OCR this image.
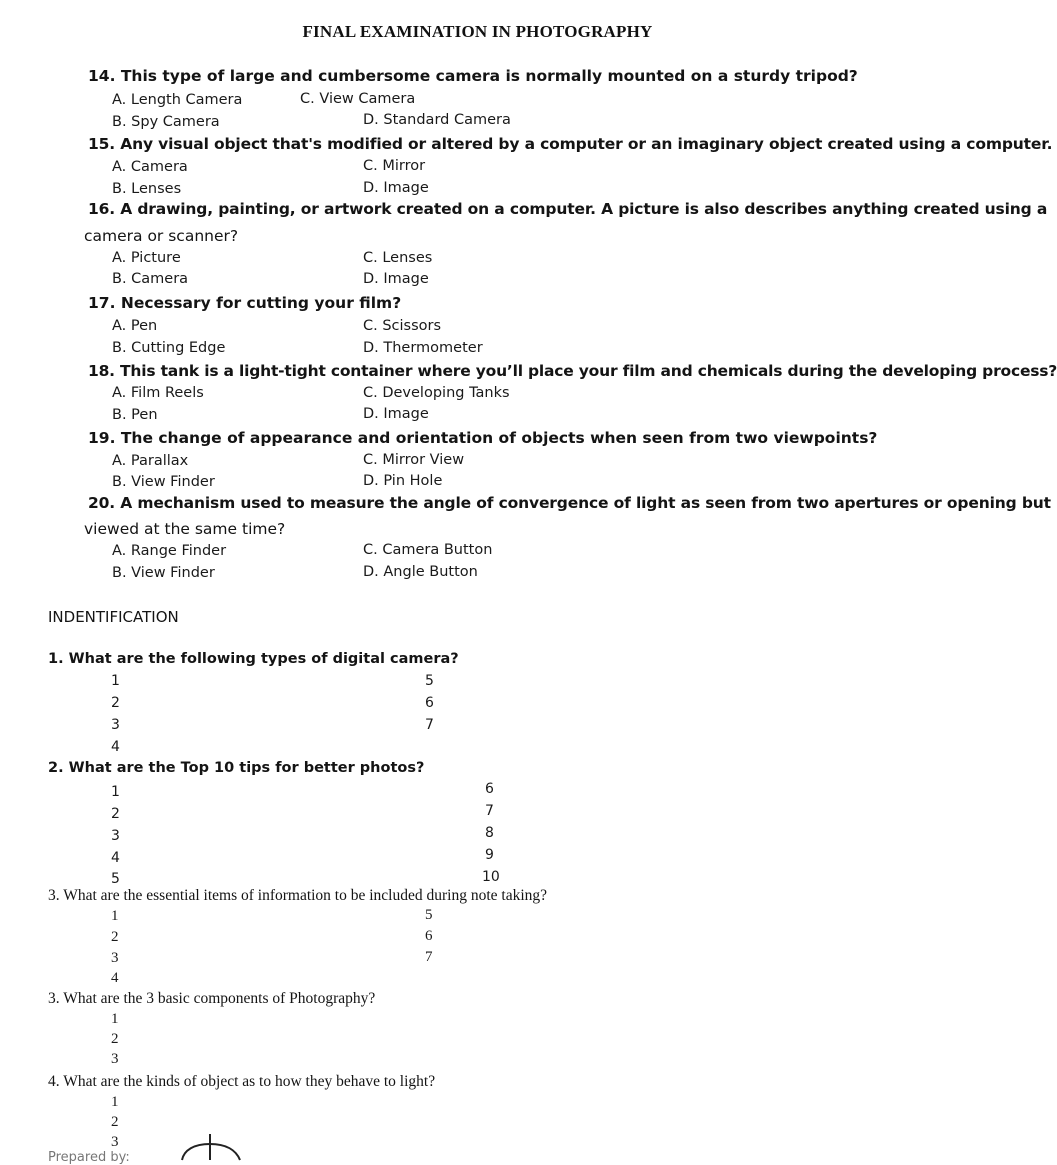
FINAL EXAMINATION IN PHOTOGRAPHY
14. This type of large and cumbersome camera is normally mounted on a sturdy tripod?
A. Length Camera	C. View Camera
B. Spy Camera	D. Standard Camera
15. Any visual object that's modified or altered by a computer or an imaginary object created using a computer.
A. Camera	C. Mirror
B. Lenses	D. Image
16. A drawing, painting, or artwork created on a computer. A picture is also describes anything created using a
camera or scanner?
A. Picture	C. Lenses
B. Camera	D. Image
17. Necessary for cutting your film?
A. Pen	C. Scissors
B. Cutting Edge	D. Thermometer
18. This tank is a light-tight container where you’ll place your film and chemicals during the developing process?
A. Film Reels	C. Developing Tanks
B. Pen	D. Image
19. The change of appearance and orientation of objects when seen from two viewpoints?
A. Parallax	C. Mirror View
B. View Finder	D. Pin Hole
20. A mechanism used to measure the angle of convergence of light as seen from two apertures or opening but
viewed at the same time?
A. Range Finder	C. Camera Button
B. View Finder	D. Angle Button
INDENTIFICATION
1. What are the following types of digital camera?
1
2
3
4
5
6
7
2. What are the Top 10 tips for better photos?
1
2
3
4
5
6
7
8
9
10
3. What are the essential items of information to be included during note taking?
1
2
3
4
5
6
7
3. What are the 3 basic components of Photography?
1
2
3
4. What are the kinds of object as to how they behave to light?
1
2
3
Prepared by:
